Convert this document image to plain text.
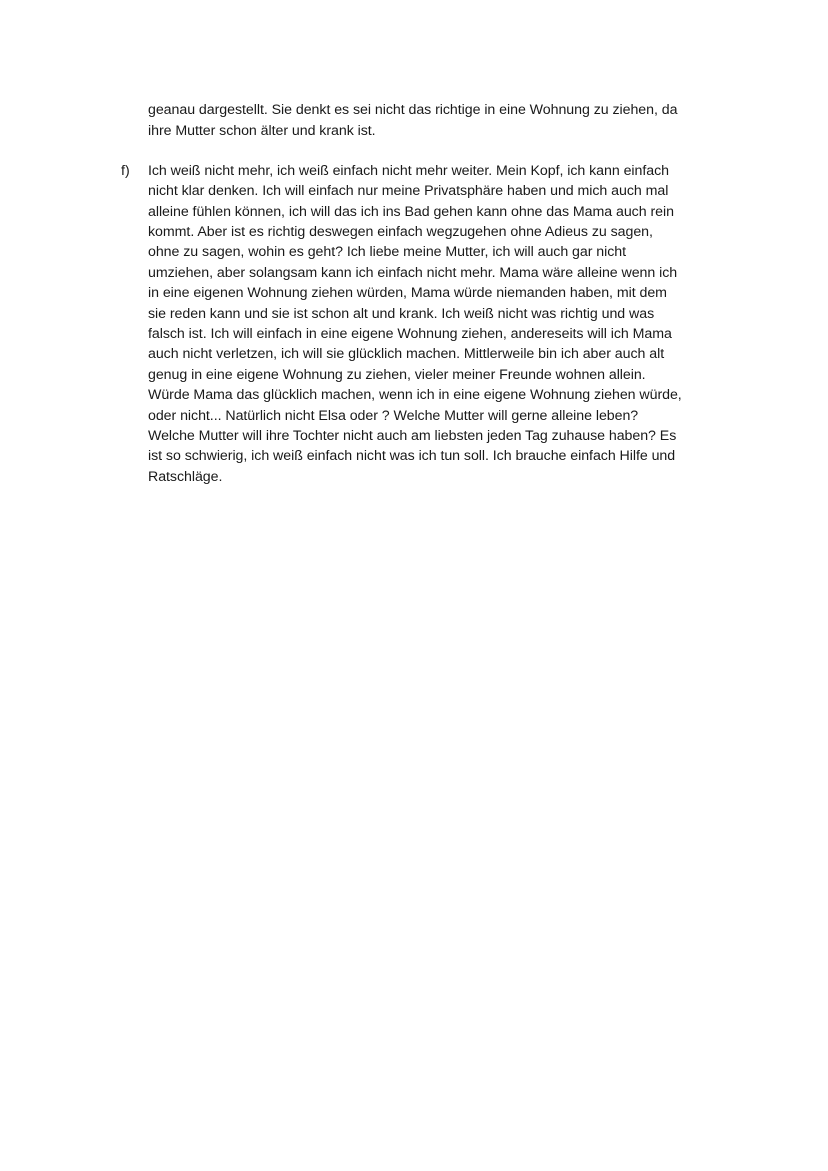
geanau dargestellt. Sie denkt es sei nicht das richtige in eine Wohnung zu ziehen, da
ihre Mutter schon älter und krank ist.
f) Ich weiß nicht mehr, ich weiß einfach nicht mehr weiter. Mein Kopf, ich kann einfach
nicht klar denken. Ich will einfach nur meine Privatsphäre haben und mich auch mal
alleine fühlen können, ich will das ich ins Bad gehen kann ohne das Mama auch rein
kommt. Aber ist es richtig deswegen einfach wegzugehen ohne Adieus zu sagen,
ohne zu sagen, wohin es geht? Ich liebe meine Mutter, ich will auch gar nicht
umziehen, aber solangsam kann ich einfach nicht mehr. Mama wäre alleine wenn ich
in eine eigenen Wohnung ziehen würden, Mama würde niemanden haben, mit dem
sie reden kann und sie ist schon alt und krank. Ich weiß nicht was richtig und was
falsch ist. Ich will einfach in eine eigene Wohnung ziehen, andereseits will ich Mama
auch nicht verletzen, ich will sie glücklich machen. Mittlerweile bin ich aber auch alt
genug in eine eigene Wohnung zu ziehen, vieler meiner Freunde wohnen allein.
Würde Mama das glücklich machen, wenn ich in eine eigene Wohnung ziehen würde,
oder nicht... Natürlich nicht Elsa oder ? Welche Mutter will gerne alleine leben?
Welche Mutter will ihre Tochter nicht auch am liebsten jeden Tag zuhause haben? Es
ist so schwierig, ich weiß einfach nicht was ich tun soll. Ich brauche einfach Hilfe und
Ratschläge.
